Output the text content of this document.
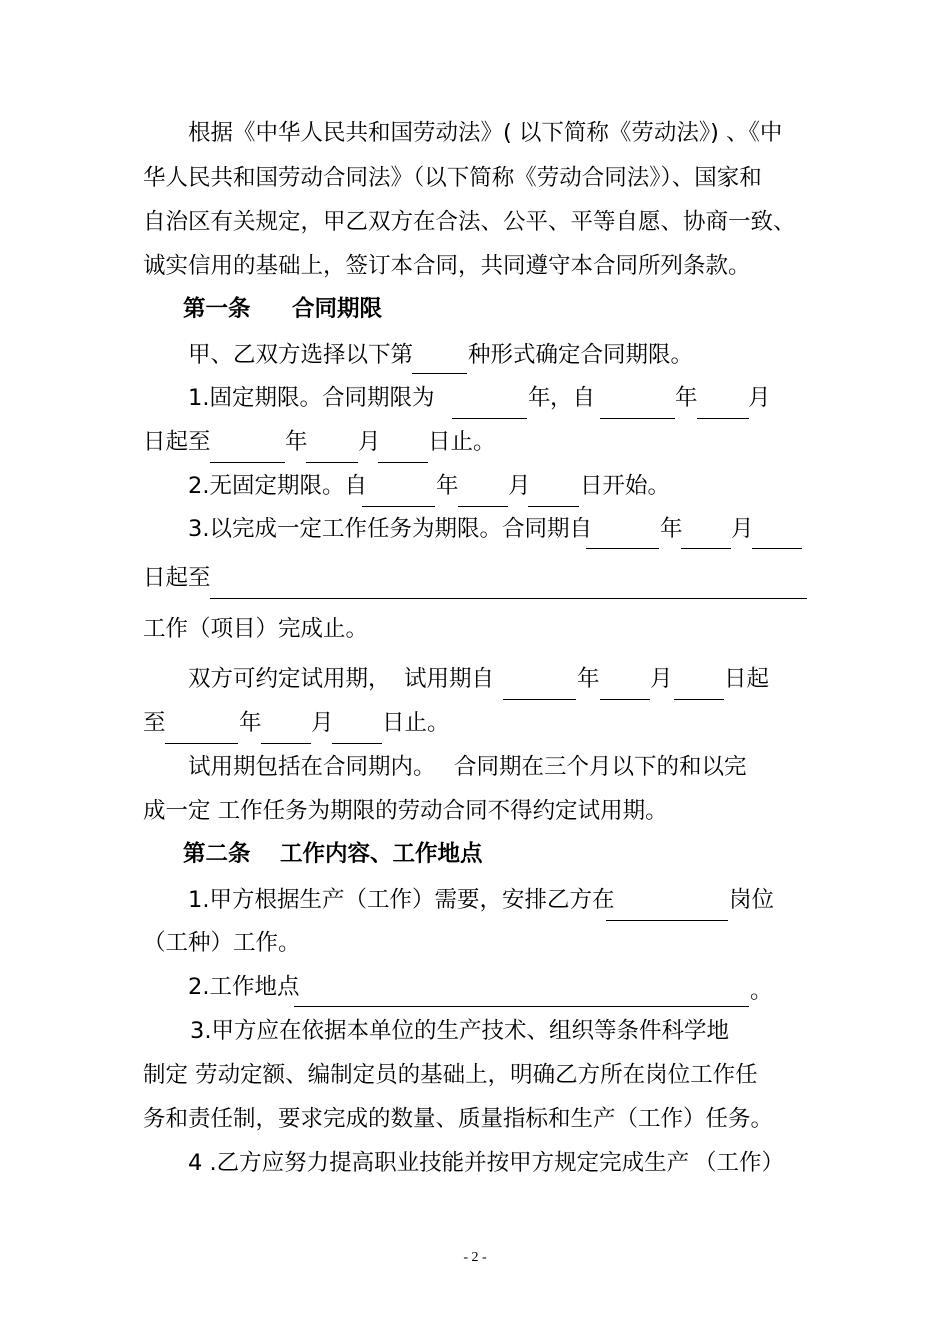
根据《中华人民共和国劳动法》( 以下简称《劳动法》) 、《中
华人民共和国劳动合同法》（以下简称《劳动合同法》）、国家和
自治区有关规定，甲乙双方在合法、公平、平等自愿、协商一致、
诚实信用的基础上，签订本合同，共同遵守本合同所列条款。
第一条 合同期限
甲、乙双方选择以下第 种形式确定合同期限。
1.固定期限。合同期限为	年 ，自	年 月
日起至	年 月 日止。
2.无固定期限。自	年 月 日开始。
3.以完成一定工作任务为期限。合同期自	年 月
日起至
工作（项目）完成止。
双方可约定试用期， 试用期自	年 月 日起
至	年 月 日止。
试用期包括在合同期内。 合同期在三个月以下的和以完
成一定 工作任务为期限的劳动合同不得约定试用期。
第二条 工作内容、工作地点
1.甲方根据生产（工作）需要，安排乙方在	岗位
（工种）工作。
2.工作地点	。
3.甲方应在依据本单位的生产技术、组织等条件科学地
制定 劳动定额、编制定员的基础上，明确乙方所在岗位工作任
务和责任制，要求完成的数量、质量指标和生产（工作）任务。
4 .乙方应努力提高职业技能并按甲方规定完成生产 （工作）
- 2 -
